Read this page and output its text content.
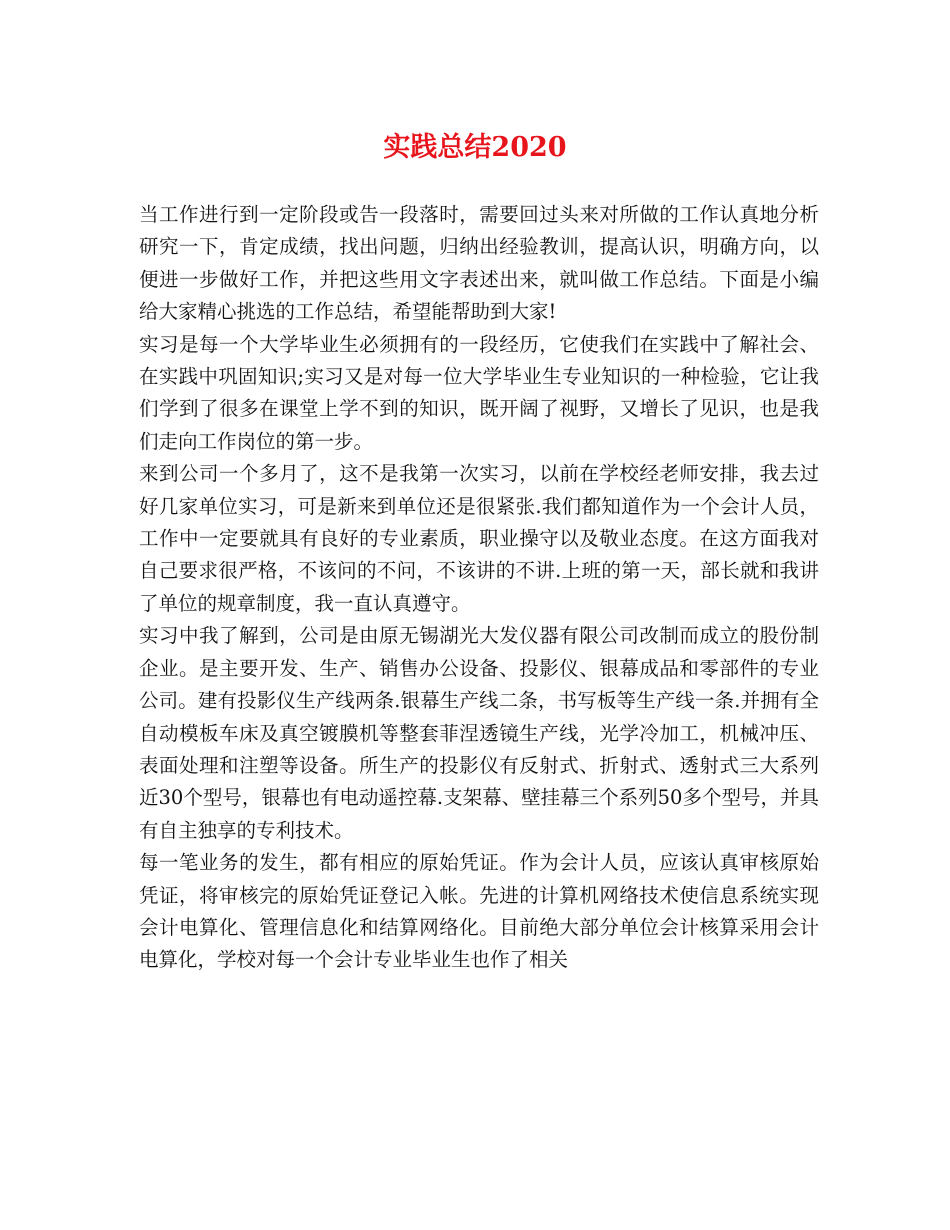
实践总结2020

当工作进行到一定阶段或告一段落时，需要回过头来对所做的工作认真地分析研究一下，肯定成绩，找出问题，归纳出经验教训，提高认识，明确方向，以便进一步做好工作，并把这些用文字表述出来，就叫做工作总结。下面是小编给大家精心挑选的工作总结，希望能帮助到大家!

实习是每一个大学毕业生必须拥有的一段经历，它使我们在实践中了解社会、在实践中巩固知识;实习又是对每一位大学毕业生专业知识的一种检验，它让我们学到了很多在课堂上学不到的知识，既开阔了视野，又增长了见识，也是我们走向工作岗位的第一步。

来到公司一个多月了，这不是我第一次实习，以前在学校经老师安排，我去过好几家单位实习，可是新来到单位还是很紧张.我们都知道作为一个会计人员，工作中一定要就具有良好的专业素质，职业操守以及敬业态度。在这方面我对自己要求很严格，不该问的不问，不该讲的不讲.上班的第一天，部长就和我讲了单位的规章制度，我一直认真遵守。

实习中我了解到，公司是由原无锡湖光大发仪器有限公司改制而成立的股份制企业。是主要开发、生产、销售办公设备、投影仪、银幕成品和零部件的专业公司。建有投影仪生产线两条.银幕生产线二条，书写板等生产线一条.并拥有全自动模板车床及真空镀膜机等整套菲涅透镜生产线，光学冷加工，机械冲压、表面处理和注塑等设备。所生产的投影仪有反射式、折射式、透射式三大系列近30个型号，银幕也有电动遥控幕.支架幕、壁挂幕三个系列50多个型号，并具有自主独享的专利技术。

每一笔业务的发生，都有相应的原始凭证。作为会计人员，应该认真审核原始凭证，将审核完的原始凭证登记入帐。先进的计算机网络技术使信息系统实现会计电算化、管理信息化和结算网络化。目前绝大部分单位会计核算采用会计电算化，学校对每一个会计专业毕业生也作了相关
